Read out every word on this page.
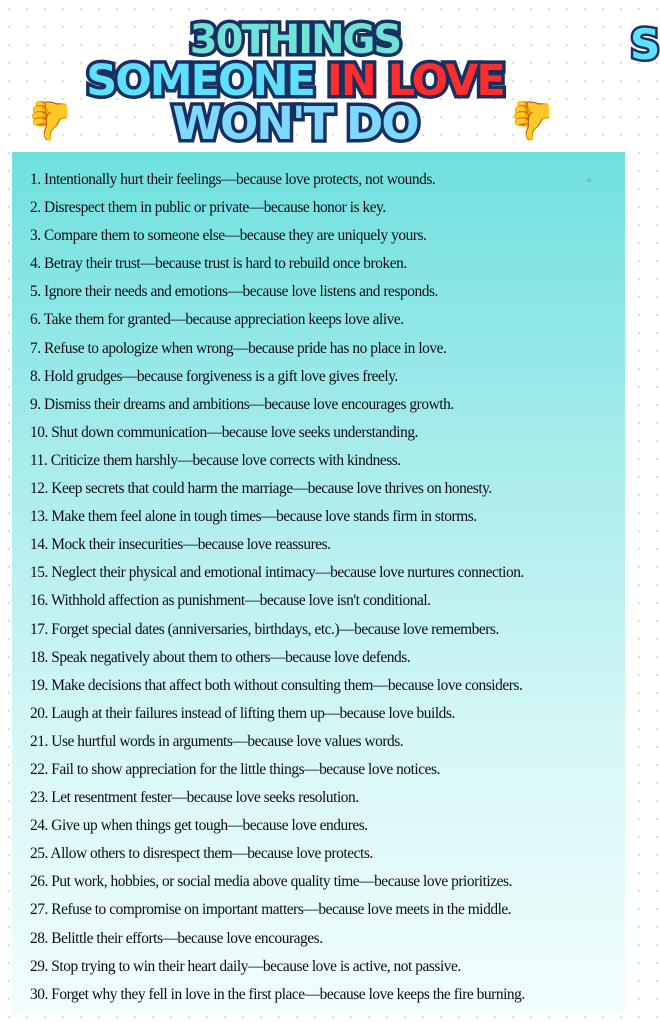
30THINGS
SOMEONE IN LOVE
WON'T DO
👍	👍
S
1. Intentionally hurt their feelings—because love protects, not wounds.
2. Disrespect them in public or private—because honor is key.
3. Compare them to someone else—because they are uniquely yours.
4. Betray their trust—because trust is hard to rebuild once broken.
5. Ignore their needs and emotions—because love listens and responds.
6. Take them for granted—because appreciation keeps love alive.
7. Refuse to apologize when wrong—because pride has no place in love.
8. Hold grudges—because forgiveness is a gift love gives freely.
9. Dismiss their dreams and ambitions—because love encourages growth.
10. Shut down communication—because love seeks understanding.
11. Criticize them harshly—because love corrects with kindness.
12. Keep secrets that could harm the marriage—because love thrives on honesty.
13. Make them feel alone in tough times—because love stands firm in storms.
14. Mock their insecurities—because love reassures.
15. Neglect their physical and emotional intimacy—because love nurtures connection.
16. Withhold affection as punishment—because love isn't conditional.
17. Forget special dates (anniversaries, birthdays, etc.)—because love remembers.
18. Speak negatively about them to others—because love defends.
19. Make decisions that affect both without consulting them—because love considers.
20. Laugh at their failures instead of lifting them up—because love builds.
21. Use hurtful words in arguments—because love values words.
22. Fail to show appreciation for the little things—because love notices.
23. Let resentment fester—because love seeks resolution.
24. Give up when things get tough—because love endures.
25. Allow others to disrespect them—because love protects.
26. Put work, hobbies, or social media above quality time—because love prioritizes.
27. Refuse to compromise on important matters—because love meets in the middle.
28. Belittle their efforts—because love encourages.
29. Stop trying to win their heart daily—because love is active, not passive.
30. Forget why they fell in love in the first place—because love keeps the fire burning.
✦
